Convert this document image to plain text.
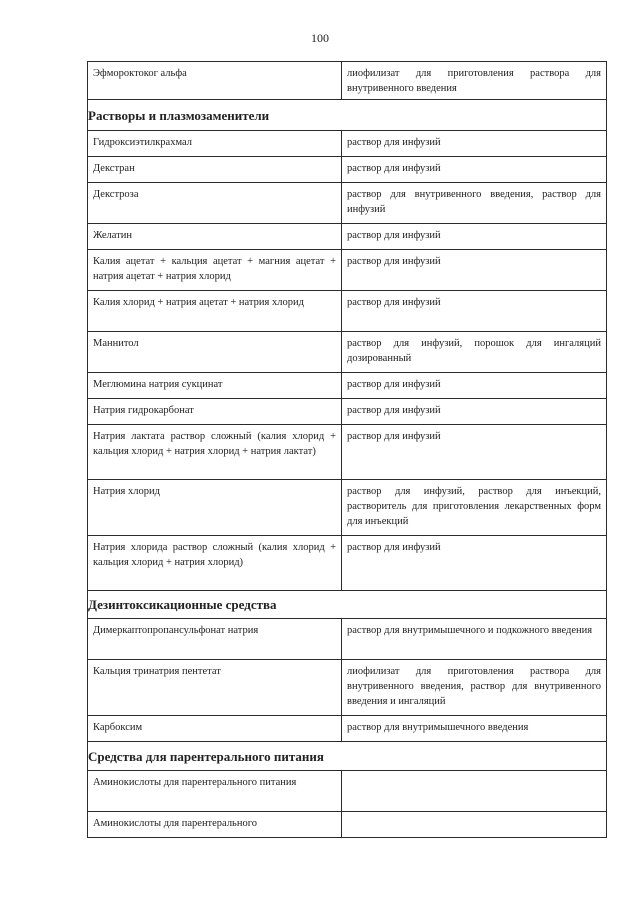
100
Эфмороктоког альфа	лиофилизат для приготовления раствора для внутривенного введения
Растворы и плазмозаменители	
Гидроксиэтилкрахмал	раствор для инфузий
Декстран	раствор для инфузий
Декстроза	раствор для внутривенного введения, раствор для инфузий
Желатин	раствор для инфузий
Калия ацетат + кальция ацетат + магния ацетат + натрия ацетат + натрия хлорид	раствор для инфузий
Калия хлорид + натрия ацетат + натрия хлорид	раствор для инфузий
Маннитол	раствор для инфузий, порошок для ингаляций дозированный
Меглюмина натрия сукцинат	раствор для инфузий
Натрия гидрокарбонат	раствор для инфузий
Натрия лактата раствор сложный (калия хлорид + кальция хлорид + натрия хлорид + натрия лактат)	раствор для инфузий
Натрия хлорид	раствор для инфузий, раствор для инъекций, растворитель для приготовления лекарственных форм для инъекций
Натрия хлорида раствор сложный (калия хлорид + кальция хлорид + натрия хлорид)	раствор для инфузий
Дезинтоксикационные средства	
Димеркаптопропансульфонат натрия	раствор для внутримышечного и подкожного введения
Кальция тринатрия пентетат	лиофилизат для приготовления раствора для внутривенного введения, раствор для внутривенного введения и ингаляций
Карбоксим	раствор для внутримышечного введения
Средства для парентерального питания	
Аминокислоты для парентерального питания	
Аминокислоты для парентерального	
